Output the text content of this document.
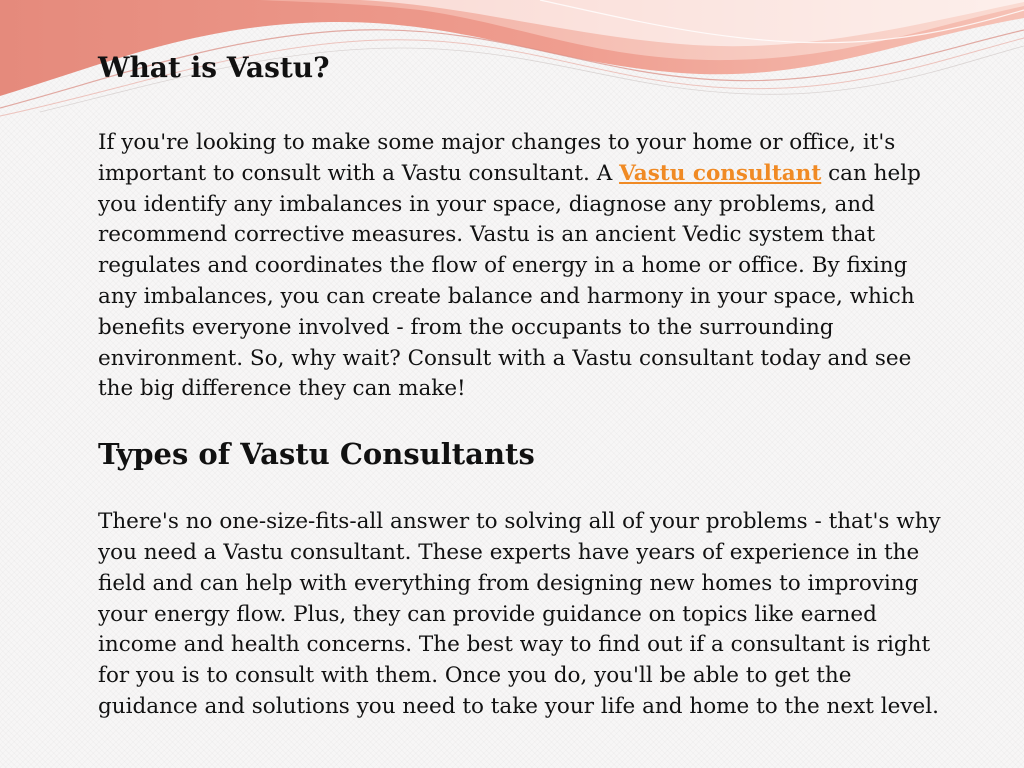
What is Vastu?

If you're looking to make some major changes to your home or office, it's important to consult with a Vastu consultant. A Vastu consultant can help you identify any imbalances in your space, diagnose any problems, and recommend corrective measures. Vastu is an ancient Vedic system that regulates and coordinates the flow of energy in a home or office. By fixing any imbalances, you can create balance and harmony in your space, which benefits everyone involved - from the occupants to the surrounding environment. So, why wait? Consult with a Vastu consultant today and see the big difference they can make!

Types of Vastu Consultants

There's no one-size-fits-all answer to solving all of your problems - that's why you need a Vastu consultant. These experts have years of experience in the field and can help with everything from designing new homes to improving your energy flow. Plus, they can provide guidance on topics like earned income and health concerns. The best way to find out if a consultant is right for you is to consult with them. Once you do, you'll be able to get the guidance and solutions you need to take your life and home to the next level.
